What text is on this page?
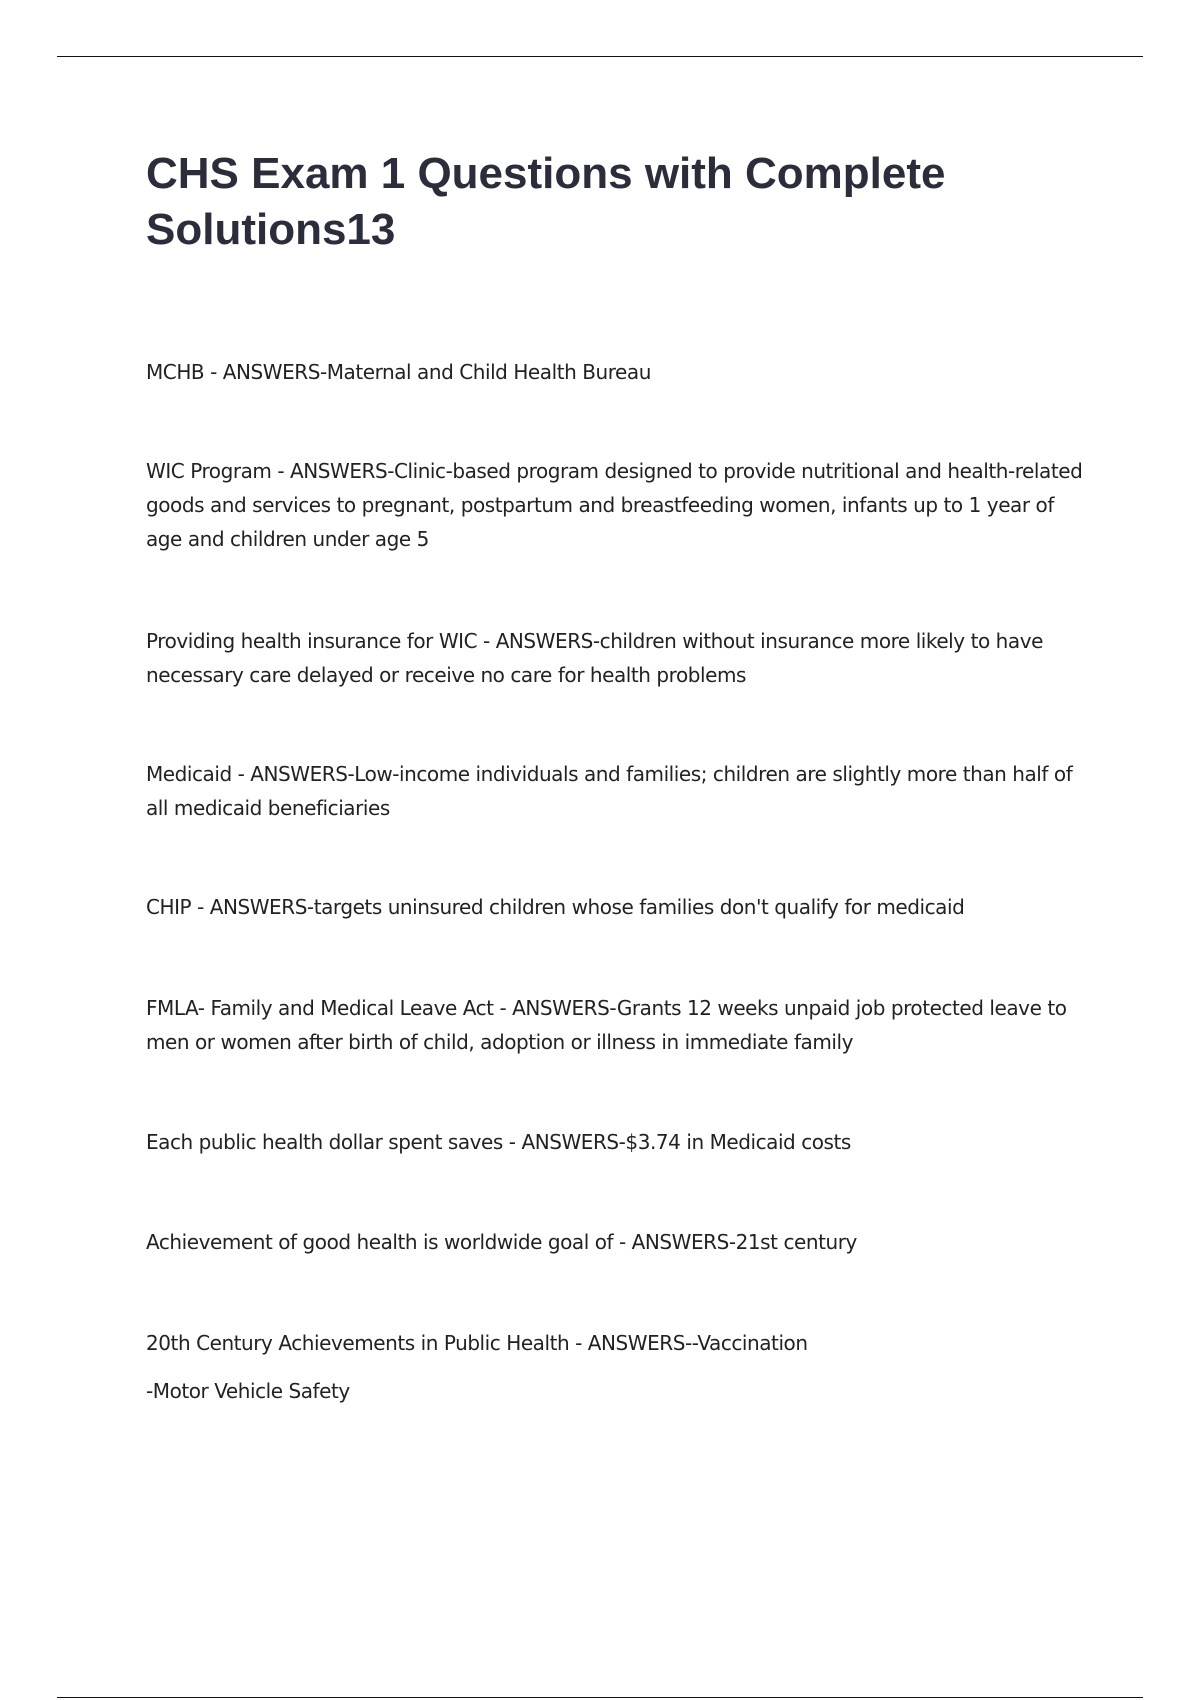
CHS Exam 1 Questions with Complete Solutions13

MCHB - ANSWERS-Maternal and Child Health Bureau

WIC Program - ANSWERS-Clinic-based program designed to provide nutritional and health-related goods and services to pregnant, postpartum and breastfeeding women, infants up to 1 year of age and children under age 5

Providing health insurance for WIC - ANSWERS-children without insurance more likely to have necessary care delayed or receive no care for health problems

Medicaid - ANSWERS-Low-income individuals and families; children are slightly more than half of all medicaid beneficiaries

CHIP - ANSWERS-targets uninsured children whose families don't qualify for medicaid

FMLA- Family and Medical Leave Act - ANSWERS-Grants 12 weeks unpaid job protected leave to men or women after birth of child, adoption or illness in immediate family

Each public health dollar spent saves - ANSWERS-$3.74 in Medicaid costs

Achievement of good health is worldwide goal of - ANSWERS-21st century

20th Century Achievements in Public Health - ANSWERS--Vaccination
-Motor Vehicle Safety
